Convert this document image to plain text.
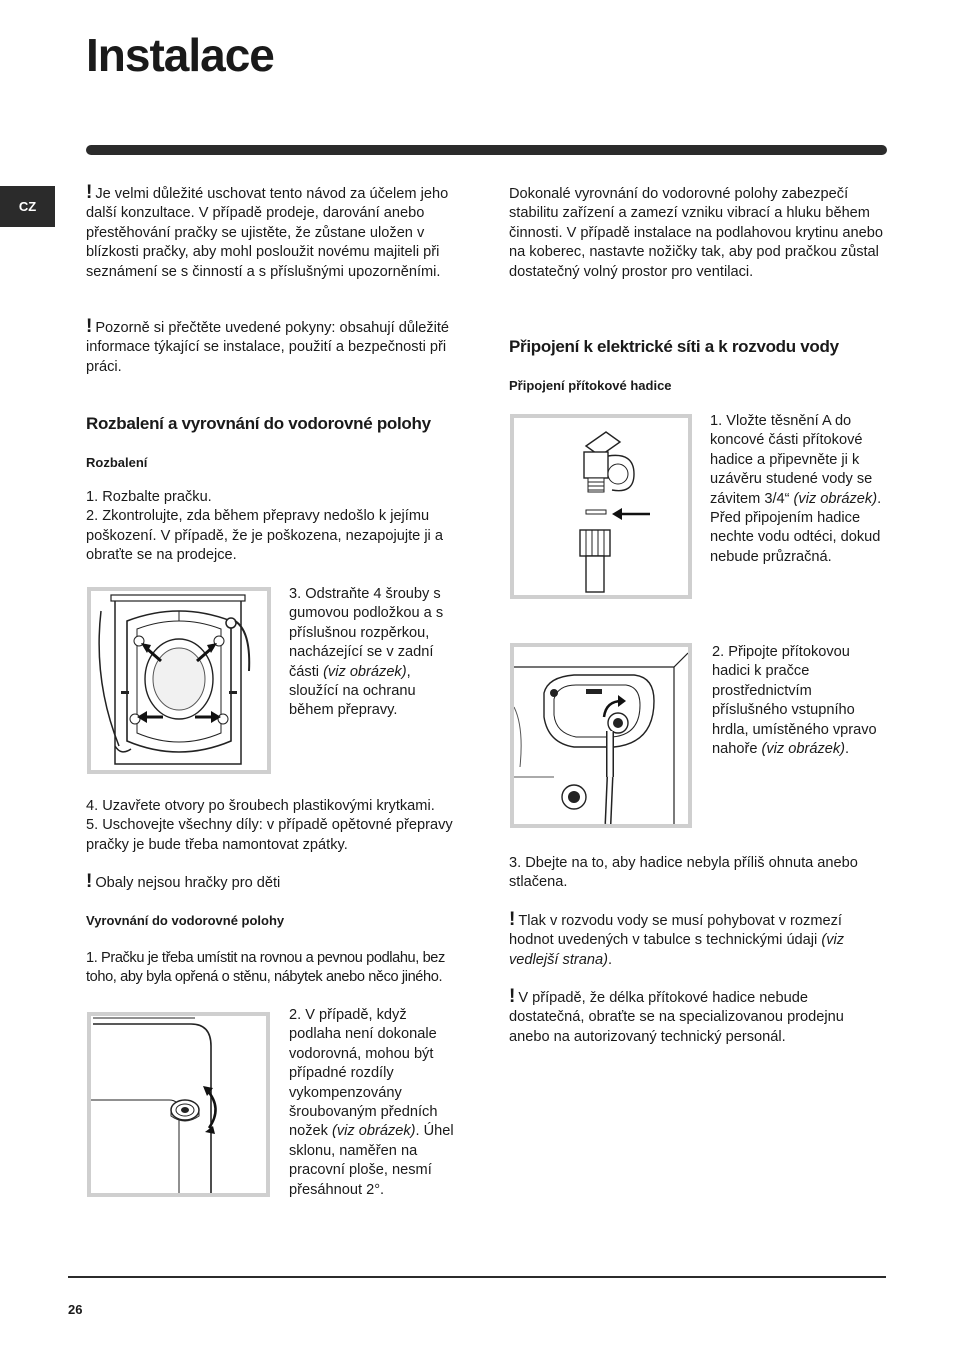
Instalace
CZ

! Je velmi důležité uschovat tento návod za účelem jeho další konzultace. V případě prodeje, darování anebo přestěhování pračky se ujistěte, že zůstane uložen v blízkosti pračky, aby mohl posloužit novému majiteli při seznámení se s činností a s příslušnými upozorněními.

! Pozorně si přečtěte uvedené pokyny: obsahují důležité informace týkající se instalace, použití a bezpečnosti při práci.

Rozbalení a vyrovnání do vodorovné polohy
Rozbalení

1. Rozbalte pračku.
2. Zkontrolujte, zda během přepravy nedošlo k jejímu poškození. V případě, že je poškozena, nezapojujte ji a obraťte se na prodejce.

3. Odstraňte 4 šrouby s gumovou podložkou a s příslušnou rozpěrkou, nacházející se v zadní části (viz obrázek), sloužící na ochranu během přepravy.

4. Uzavřete otvory po šroubech plastikovými krytkami.
5. Uschovejte všechny díly: v případě opětovné přepravy pračky je bude třeba namontovat zpátky.

! Obaly nejsou hračky pro děti

Vyrovnání do vodorovné polohy

1. Pračku je třeba umístit na rovnou a pevnou podlahu, bez toho, aby byla opřená o stěnu, nábytek anebo něco jiného.

2. V případě, když podlaha není dokonale vodorovná, mohou být případné rozdíly vykompenzovány šroubovaným předních nožek (viz obrázek). Úhel sklonu, naměřen na pracovní ploše, nesmí přesáhnout 2°.

Dokonalé vyrovnání do vodorovné polohy zabezpečí stabilitu zařízení a zamezí vzniku vibrací a hluku během činnosti. V případě instalace na podlahovou krytinu anebo na koberec, nastavte nožičky tak, aby pod pračkou zůstal dostatečný volný prostor pro ventilaci.

Připojení k elektrické síti a k rozvodu vody
Připojení přítokové hadice

1. Vložte těsnění A do koncové části přítokové hadice a připevněte ji k uzávěru studené vody se závitem 3/4“ (viz obrázek).
Před připojením hadice nechte vodu odtéci, dokud nebude průzračná.

2. Připojte přítokovou hadici k pračce prostřednictvím příslušného vstupního hrdla, umístěného vpravo nahoře (viz obrázek).

3. Dbejte na to, aby hadice nebyla příliš ohnuta anebo stlačena.

! Tlak v rozvodu vody se musí pohybovat v rozmezí hodnot uvedených v tabulce s technickými údaji (viz vedlejší strana).

! V případě, že délka přítokové hadice nebude dostatečná, obraťte se na specializovanou prodejnu anebo na autorizovaný technický personál.

26
